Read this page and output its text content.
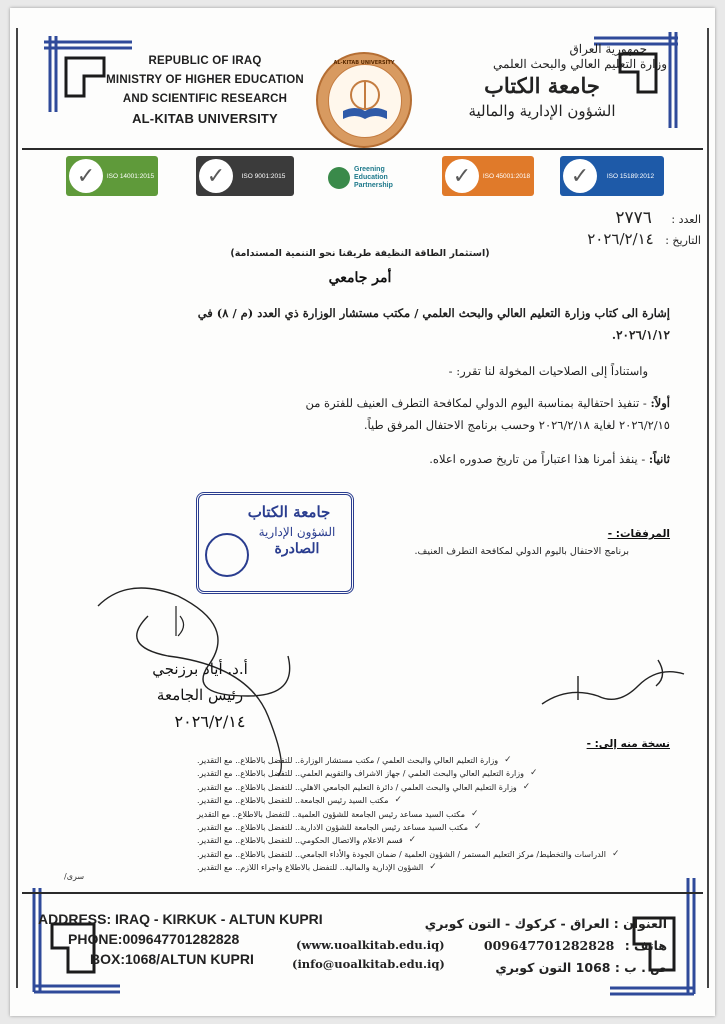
REPUBLIC OF IRAQ
MINISTRY OF HIGHER EDUCATION
AND SCIENTIFIC RESEARCH
AL-KITAB UNIVERSITY
AL-KITAB UNIVERSITY
جمهورية العراق
وزارة التعليم العالي والبحث العلمي
جامعة الكتاب
الشؤون الإدارية والمالية
✓	ISO 14001:2015	✓	ISO 9001:2015
Greening Education Partnership	✓	ISO 45001:2018	✓	ISO 15189:2012
العدد : ٢٧٧٦
التاريخ : ٢٠٢٦/٢/١٤
(استثمار الطاقة النظيفة طريقنا نحو التنمية المستدامة)
أمر جامعي
إشارة الى كتاب وزارة التعليم العالي والبحث العلمي / مكتب مستشار الوزارة ذي العدد (م / ٨) في
٢٠٢٦/١/١٢.
واستناداً إلى الصلاحيات المخولة لنا تقرر: -
أولاً: - تنفيذ احتفالية بمناسبة اليوم الدولي لمكافحة التطرف العنيف للفترة من
٢٠٢٦/٢/١٥ لغاية ٢٠٢٦/٢/١٨ وحسب برنامج الاحتفال المرفق طياً.
ثانياً: - ينفذ أمرنا هذا اعتباراً من تاريخ صدوره اعلاه.
جامعة الكتاب
الشؤون الإدارية
الصادرة
المرفقات: -
برنامج الاحتفال باليوم الدولي لمكافحة التطرف العنيف.
أ.د. أياد برزنجي
رئيس الجامعة
٢٠٢٦/٢/١٤
نسخة منه إلى: -
✓
وزارة التعليم العالي والبحث العلمي / مكتب مستشار الوزارة.. للتفضل بالاطلاع.. مع التقدير.
✓
وزارة التعليم العالي والبحث العلمي / جهاز الاشراف والتقويم العلمي.. للتفضل بالاطلاع.. مع التقدير.
✓
وزارة التعليم العالي والبحث العلمي / دائرة التعليم الجامعي الاهلي.. للتفضل بالاطلاع.. مع التقدير.
✓
مكتب السيد رئيس الجامعة.. للتفضل بالاطلاع.. مع التقدير.
✓
مكتب السيد مساعد رئيس الجامعة للشؤون العلمية.. للتفضل بالاطلاع.. مع التقدير
✓
مكتب السيد مساعد رئيس الجامعة للشؤون الادارية.. للتفضل بالاطلاع.. مع التقدير.
✓
قسم الاعلام والاتصال الحكومي.. للتفضل بالاطلاع.. مع التقدير.
✓
الدراسات والتخطيط/ مركز التعليم المستمر / الشؤون العلمية / ضمان الجودة والأداء الجامعي.. للتفضل بالاطلاع.. مع التقدير.
✓
الشؤون الإدارية والمالية.. للتفضل بالاطلاع واجراء اللازم.. مع التقدير.
/سرى
ADDRESS: IRAQ - KIRKUK - ALTUN KUPRI
PHONE:009647701282828
BOX:1068/ALTUN KUPRI
(www.uoalkitab.edu.iq)
(info@uoalkitab.edu.iq)
العنوان : العراق - كركوك - التون كوبري
هاتف : 009647701282828
ص . ب : 1068 التون كوبري
